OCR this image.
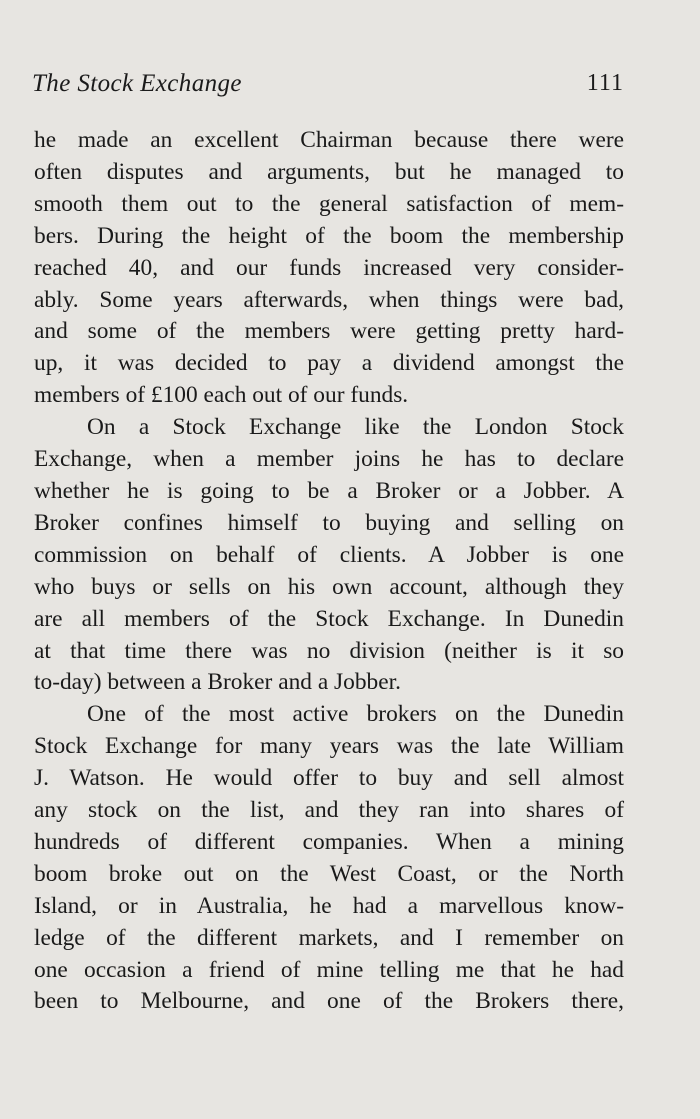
The Stock Exchange	111
he made an excellent Chairman because there were
often disputes and arguments, but he managed to
smooth them out to the general satisfaction of mem-
bers. During the height of the boom the membership
reached 40, and our funds increased very consider-
ably. Some years afterwards, when things were bad,
and some of the members were getting pretty hard-
up, it was decided to pay a dividend amongst the
members of £100 each out of our funds.
On a Stock Exchange like the London Stock
Exchange, when a member joins he has to declare
whether he is going to be a Broker or a Jobber. A
Broker confines himself to buying and selling on
commission on behalf of clients. A Jobber is one
who buys or sells on his own account, although they
are all members of the Stock Exchange. In Dunedin
at that time there was no division (neither is it so
to-day) between a Broker and a Jobber.
One of the most active brokers on the Dunedin
Stock Exchange for many years was the late William
J. Watson. He would offer to buy and sell almost
any stock on the list, and they ran into shares of
hundreds of different companies. When a mining
boom broke out on the West Coast, or the North
Island, or in Australia, he had a marvellous know-
ledge of the different markets, and I remember on
one occasion a friend of mine telling me that he had
been to Melbourne, and one of the Brokers there,
